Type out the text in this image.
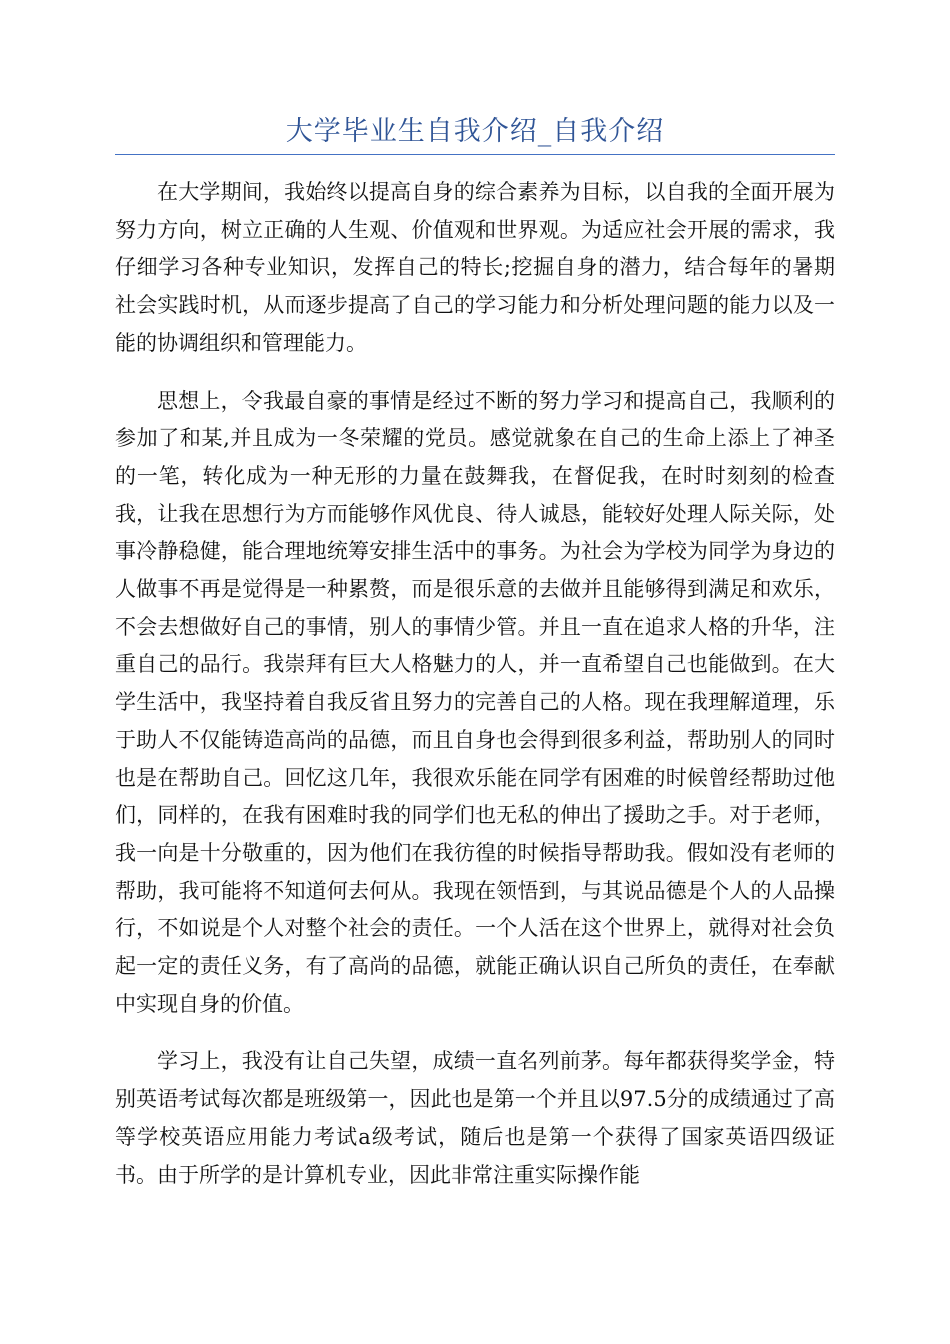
大学毕业生自我介绍_自我介绍

在大学期间，我始终以提高自身的综合素养为目标，以自我的全面开展为努力方向，树立正确的人生观、价值观和世界观。为适应社会开展的需求，我仔细学习各种专业知识，发挥自己的特长;挖掘自身的潜力，结合每年的暑期社会实践时机，从而逐步提高了自己的学习能力和分析处理问题的能力以及一能的协调组织和管理能力。

思想上，令我最自豪的事情是经过不断的努力学习和提高自己，我顺利的参加了和某,并且成为一冬荣耀的党员。感觉就象在自己的生命上添上了神圣的一笔，转化成为一种无形的力量在鼓舞我，在督促我，在时时刻刻的检查我，让我在思想行为方而能够作风优良、待人诚恳，能较好处理人际关际，处事冷静稳健，能合理地统筹安排生活中的事务。为社会为学校为同学为身边的人做事不再是觉得是一种累赘，而是很乐意的去做并且能够得到满足和欢乐，不会去想做好自己的事情，别人的事情少管。并且一直在追求人格的升华，注重自己的品行。我崇拜有巨大人格魅力的人，并一直希望自己也能做到。在大学生活中，我坚持着自我反省且努力的完善自己的人格。现在我理解道理，乐于助人不仅能铸造高尚的品德，而且自身也会得到很多利益，帮助别人的同时也是在帮助自己。回忆这几年，我很欢乐能在同学有困难的时候曾经帮助过他们，同样的，在我有困难时我的同学们也无私的伸出了援助之手。对于老师，我一向是十分敬重的，因为他们在我彷徨的时候指导帮助我。假如没有老师的帮助，我可能将不知道何去何从。我现在领悟到，与其说品德是个人的人品操行，不如说是个人对整个社会的责任。一个人活在这个世界上，就得对社会负起一定的责任义务，有了高尚的品德，就能正确认识自己所负的责任，在奉献中实现自身的价值。

学习上，我没有让自己失望，成绩一直名列前茅。每年都获得奖学金，特别英语考试每次都是班级第一，因此也是第一个并且以97.5分的成绩通过了高等学校英语应用能力考试a级考试，随后也是第一个获得了国家英语四级证书。由于所学的是计算机专业，因此非常注重实际操作能
